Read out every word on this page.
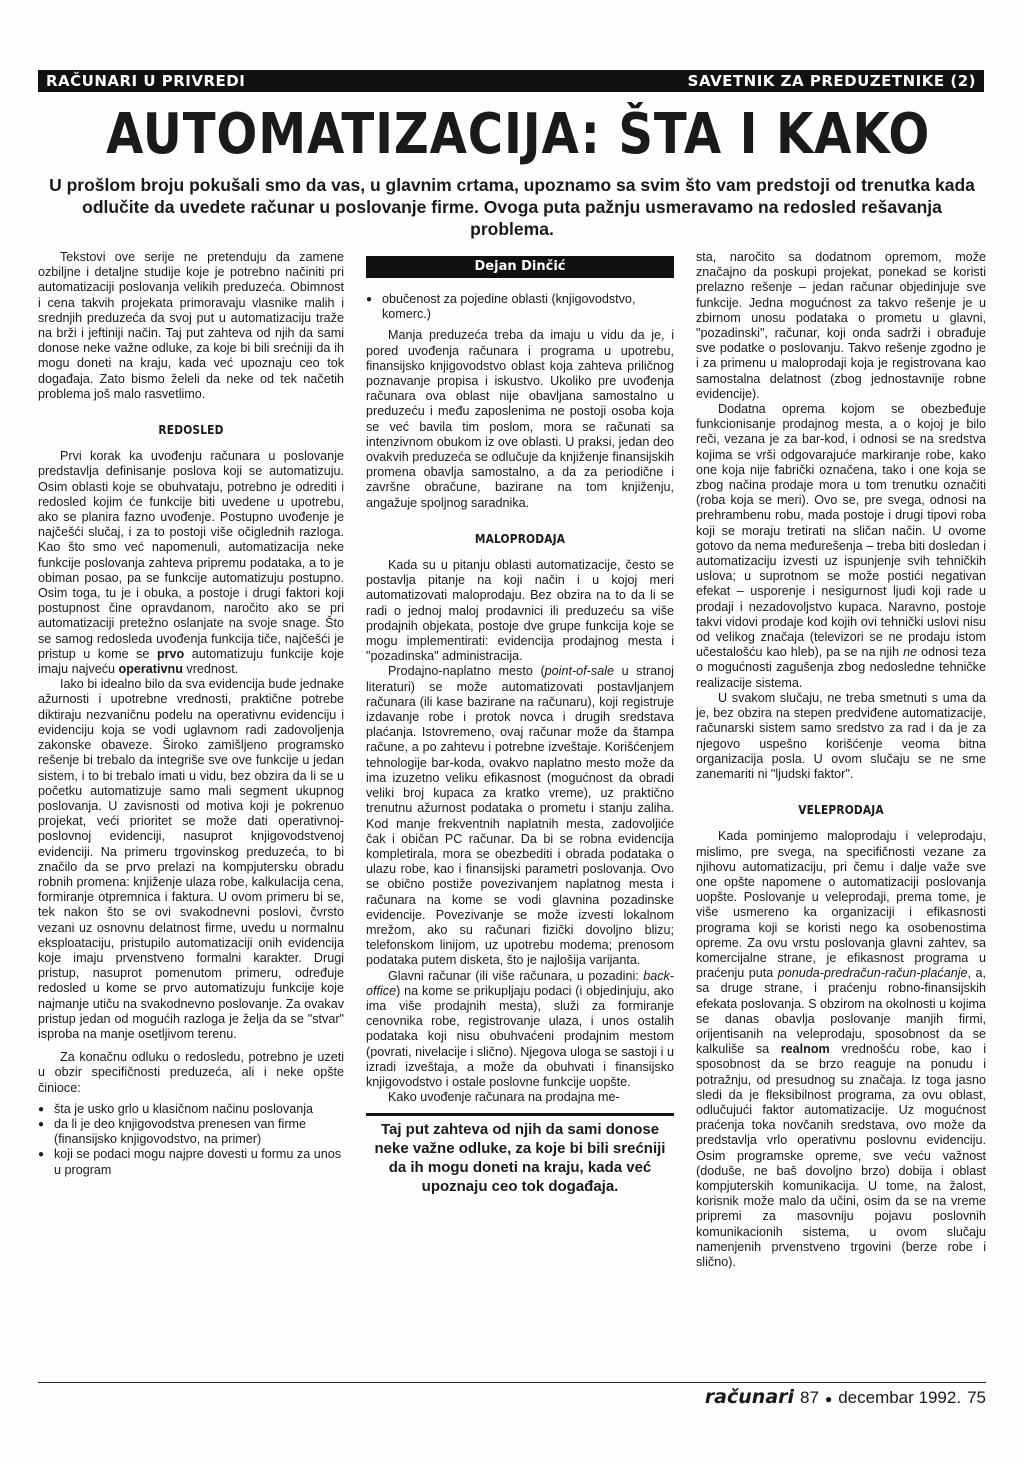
RAČUNARI U PRIVREDI	SAVETNIK ZA PREDUZETNIKE (2)
AUTOMATIZACIJA: ŠTA I KAKO

U prošlom broju pokušali smo da vas, u glavnim crtama, upoznamo sa svim što vam predstoji od trenutka kada odlučite da uvedete računar u poslovanje firme. Ovoga puta pažnju usmeravamo na redosled rešavanja problema.

Tekstovi ove serije ne pretenduju da zamene ozbiljne i detaljne studije koje je potrebno načiniti pri automatizaciji poslovanja velikih preduzeća. Obimnost i cena takvih projekata primoravaju vlasnike malih i srednjih preduzeća da svoj put u automatizaciju traže na brži i jeftiniji način. Taj put zahteva od njih da sami donose neke važne odluke, za koje bi bili srećniji da ih mogu doneti na kraju, kada već upoznaju ceo tok događaja. Zato bismo želeli da neke od tek načetih problema još malo rasvetlimo.

REDOSLED

Prvi korak ka uvođenju računara u poslovanje predstavlja definisanje poslova koji se automatizuju. Osim oblasti koje se obuhvataju, potrebno je odrediti i redosled kojim će funkcije biti uvedene u upotrebu, ako se planira fazno uvođenje. Postupno uvođenje je najčešći slučaj, i za to postoji više očiglednih razloga. Kao što smo već napomenuli, automatizacija neke funkcije poslovanja zahteva pripremu podataka, a to je obiman posao, pa se funkcije automatizuju postupno. Osim toga, tu je i obuka, a postoje i drugi faktori koji postupnost čine opravdanom, naročito ako se pri automatizaciji pretežno oslanjate na svoje snage. Što se samog redosleda uvođenja funkcija tiče, najčešći je pristup u kome se prvo automatizuju funkcije koje imaju najveću operativnu vrednost.

Iako bi idealno bilo da sva evidencija bude jednake ažurnosti i upotrebne vrednosti, praktične potrebe diktiraju nezvaničnu podelu na operativnu evidenciju i evidenciju koja se vodi uglavnom radi zadovoljenja zakonske obaveze. Široko zamišljeno programsko rešenje bi trebalo da integriše sve ove funkcije u jedan sistem, i to bi trebalo imati u vidu, bez obzira da li se u početku automatizuje samo mali segment ukupnog poslovanja. U zavisnosti od motiva koji je pokrenuo projekat, veći prioritet se može dati operativnoj-poslovnoj evidenciji, nasuprot knjigovodstvenoj evidenciji. Na primeru trgovinskog preduzeća, to bi značilo da se prvo prelazi na kompjutersku obradu robnih promena: knjiženje ulaza robe, kalkulacija cena, formiranje otpremnica i faktura. U ovom primeru bi se, tek nakon što se ovi svakodnevni poslovi, čvrsto vezani uz osnovnu delatnost firme, uvedu u normalnu eksploataciju, pristupilo automatizaciji onih evidencija koje imaju prvenstveno formalni karakter. Drugi pristup, nasuprot pomenutom primeru, određuje redosled u kome se prvo automatizuju funkcije koje najmanje utiču na svakodnevno poslovanje. Za ovakav pristup jedan od mogućih razloga je želja da se "stvar" isproba na manje osetljivom terenu.

Za konačnu odluku o redosledu, potrebno je uzeti u obzir specifičnosti preduzeća, ali i neke opšte činioce:

● šta je usko grlo u klasičnom načinu poslovanja
● da li je deo knjigovodstva prenesen van firme (finansijsko knjigovodstvo, na primer)
● koji se podaci mogu najpre dovesti u formu za unos u program
Dejan Dinčić
● obučenost za pojedine oblasti (knjigovodstvo, komerc.)

Manja preduzeća treba da imaju u vidu da je, i pored uvođenja računara i programa u upotrebu, finansijsko knjigovodstvo oblast koja zahteva priličnog poznavanje propisa i iskustvo. Ukoliko pre uvođenja računara ova oblast nije obavljana samostalno u preduzeću i među zaposlenima ne postoji osoba koja se već bavila tim poslom, mora se računati sa intenzivnom obukom iz ove oblasti. U praksi, jedan deo ovakvih preduzeća se odlučuje da knjiženje finansijskih promena obavlja samostalno, a da za periodične i završne obračune, bazirane na tom knjiženju, angažuje spoljnog saradnika.

MALOPRODAJA

Kada su u pitanju oblasti automatizacije, često se postavlja pitanje na koji način i u kojoj meri automatizovati maloprodaju. Bez obzira na to da li se radi o jednoj maloj prodavnici ili preduzeću sa više prodajnih objekata, postoje dve grupe funkcija koje se mogu implementirati: evidencija prodajnog mesta i "pozadinska" administracija.

Prodajno-naplatno mesto (point-of-sale u stranoj literaturi) se može automatizovati postavljanjem računara (ili kase bazirane na računaru), koji registruje izdavanje robe i protok novca i drugih sredstava plaćanja. Istovremeno, ovaj računar može da štampa račune, a po zahtevu i potrebne izveštaje. Korišćenjem tehnologije bar-koda, ovakvo naplatno mesto može da ima izuzetno veliku efikasnost (mogućnost da obradi veliki broj kupaca za kratko vreme), uz praktično trenutnu ažurnost podataka o prometu i stanju zaliha. Kod manje frekventnih naplatnih mesta, zadovoljiće čak i običan PC računar. Da bi se robna evidencija kompletirala, mora se obezbediti i obrada podataka o ulazu robe, kao i finansijski parametri poslovanja. Ovo se obično postiže povezivanjem naplatnog mesta i računara na kome se vodi glavnina pozadinske evidencije. Povezivanje se može izvesti lokalnom mrežom, ako su računari fizički dovoljno blizu; telefonskom linijom, uz upotrebu modema; prenosom podataka putem disketa, što je najlošija varijanta.

Glavni računar (ili više računara, u pozadini: back-office) na kome se prikupljaju podaci (i objedinjuju, ako ima više prodajnih mesta), služi za formiranje cenovnika robe, registrovanje ulaza, i unos ostalih podataka koji nisu obuhvaćeni prodajnim mestom (povrati, nivelacije i slično). Njegova uloga se sastoji i u izradi izveštaja, a može da obuhvati i finansijsko knjigovodstvo i ostale poslovne funkcije uopšte.

Kako uvođenje računara na prodajna me-

Taj put zahteva od njih da sami donose neke važne odluke, za koje bi bili srećniji da ih mogu doneti na kraju, kada već upoznaju ceo tok događaja.

sta, naročito sa dodatnom opremom, može značajno da poskupi projekat, ponekad se koristi prelazno rešenje – jedan računar objedinjuje sve funkcije. Jedna mogućnost za takvo rešenje je u zbirnom unosu podataka o prometu u glavni, "pozadinski", računar, koji onda sadrži i obrađuje sve podatke o poslovanju. Takvo rešenje zgodno je i za primenu u maloprodaji koja je registrovana kao samostalna delatnost (zbog jednostavnije robne evidencije).

Dodatna oprema kojom se obezbeđuje funkcionisanje prodajnog mesta, a o kojoj je bilo reči, vezana je za bar-kod, i odnosi se na sredstva kojima se vrši odgovarajuće markiranje robe, kako one koja nije fabrički označena, tako i one koja se zbog načina prodaje mora u tom trenutku označiti (roba koja se meri). Ovo se, pre svega, odnosi na prehrambenu robu, mada postoje i drugi tipovi roba koji se moraju tretirati na sličan način. U ovome gotovo da nema međurešenja – treba biti dosledan i automatizaciju izvesti uz ispunjenje svih tehničkih uslova; u suprotnom se može postići negativan efekat – usporenje i nesigurnost ljudi koji rade u prodaji i nezadovoljstvo kupaca. Naravno, postoje takvi vidovi prodaje kod kojih ovi tehnički uslovi nisu od velikog značaja (televizori se ne prodaju istom učestalošću kao hleb), pa se na njih ne odnosi teza o mogućnosti zagušenja zbog nedosledne tehničke realizacije sistema.

U svakom slučaju, ne treba smetnuti s uma da je, bez obzira na stepen predviđene automatizacije, računarski sistem samo sredstvo za rad i da je za njegovo uspešno korišćenje veoma bitna organizacija posla. U ovom slučaju se ne sme zanemariti ni "ljudski faktor".

VELEPRODAJA

Kada pominjemo maloprodaju i veleprodaju, mislimo, pre svega, na specifičnosti vezane za njihovu automatizaciju, pri čemu i dalje važe sve one opšte napomene o automatizaciji poslovanja uopšte. Poslovanje u veleprodaji, prema tome, je više usmereno ka organizaciji i efikasnosti programa koji se koristi nego ka osobenostima opreme. Za ovu vrstu poslovanja glavni zahtev, sa komercijalne strane, je efikasnost programa u praćenju puta ponuda-predračun-račun-plaćanje, a, sa druge strane, i praćenju robno-finansijskih efekata poslovanja. S obzirom na okolnosti u kojima se danas obavlja poslovanje manjih firmi, orijentisanih na veleprodaju, sposobnost da se kalkuliše sa realnom vrednošću robe, kao i sposobnost da se brzo reaguje na ponudu i potražnju, od presudnog su značaja. Iz toga jasno sledi da je fleksibilnost programa, za ovu oblast, odlučujući faktor automatizacije. Uz mogućnost praćenja toka novčanih sredstava, ovo može da predstavlja vrlo operativnu poslovnu evidenciju. Osim programske opreme, sve veću važnost (doduše, ne baš dovoljno brzo) dobija i oblast kompjuterskih komunikacija. U tome, na žalost, korisnik može malo da učini, osim da se na vreme pripremi za masovniju pojavu poslovnih komunikacionih sistema, u ovom slučaju namenjenih prvenstveno trgovini (berze robe i slično).

računari 87 ● decembar 1992. 75
